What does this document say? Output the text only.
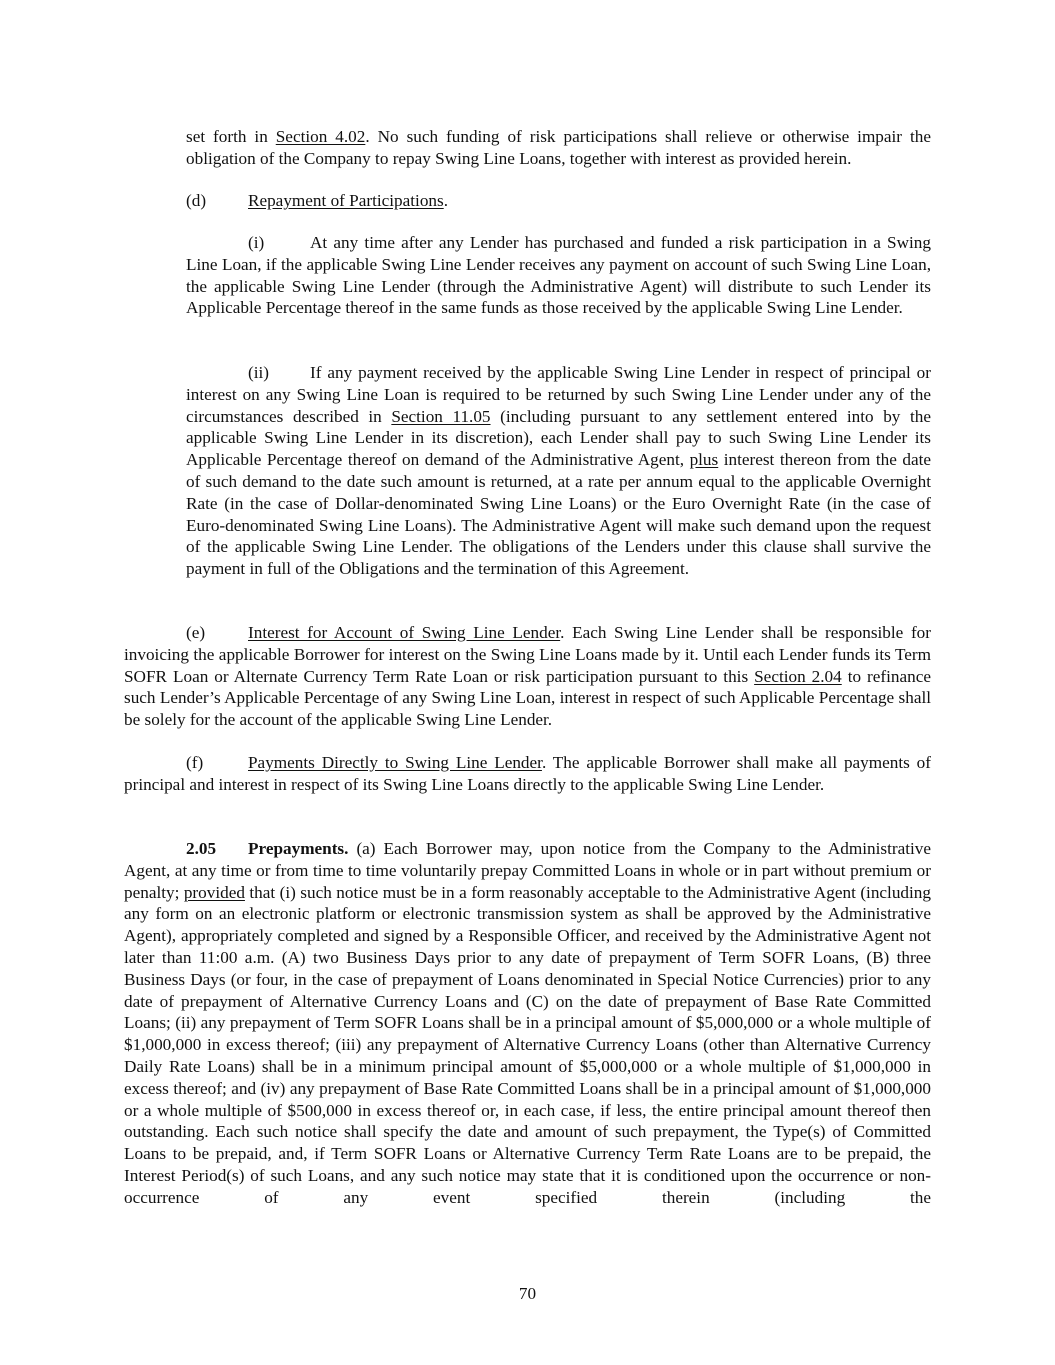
set forth in Section 4.02. No such funding of risk participations shall relieve or otherwise impair the obligation of the Company to repay Swing Line Loans, together with interest as provided herein.

(d) Repayment of Participations.

(i)	At any time after any Lender has purchased and funded a risk participation in a Swing Line Loan, if the applicable Swing Line Lender receives any payment on account of such Swing Line Loan, the applicable Swing Line Lender (through the Administrative Agent) will distribute to such Lender its Applicable Percentage thereof in the same funds as those received by the applicable Swing Line Lender.

(ii) If any payment received by the applicable Swing Line Lender in respect of principal or interest on any Swing Line Loan is required to be returned by such Swing Line Lender under any of the circumstances described in Section 11.05 (including pursuant to any settlement entered into by the applicable Swing Line Lender in its discretion), each Lender shall pay to such Swing Line Lender its Applicable Percentage thereof on demand of the Administrative Agent, plus interest thereon from the date of such demand to the date such amount is returned, at a rate per annum equal to the applicable Overnight Rate (in the case of Dollar-denominated Swing Line Loans) or the Euro Overnight Rate (in the case of Euro-denominated Swing Line Loans). The Administrative Agent will make such demand upon the request of the applicable Swing Line Lender. The obligations of the Lenders under this clause shall survive the payment in full of the Obligations and the termination of this Agreement.

(e) Interest for Account of Swing Line Lender. Each Swing Line Lender shall be responsible for invoicing the applicable Borrower for interest on the Swing Line Loans made by it. Until each Lender funds its Term SOFR Loan or Alternate Currency Term Rate Loan or risk participation pursuant to this Section 2.04 to refinance such Lender’s Applicable Percentage of any Swing Line Loan, interest in respect of such Applicable Percentage shall be solely for the account of the applicable Swing Line Lender.

(f)	Payments Directly to Swing Line Lender. The applicable Borrower shall make all payments of principal and interest in respect of its Swing Line Loans directly to the applicable Swing Line Lender.

2.05 Prepayments. (a) Each Borrower may, upon notice from the Company to the Administrative Agent, at any time or from time to time voluntarily prepay Committed Loans in whole or in part without premium or penalty; provided that (i) such notice must be in a form reasonably acceptable to the Administrative Agent (including any form on an electronic platform or electronic transmission system as shall be approved by the Administrative Agent), appropriately completed and signed by a Responsible Officer, and received by the Administrative Agent not later than 11:00 a.m. (A) two Business Days prior to any date of prepayment of Term SOFR Loans, (B) three Business Days (or four, in the case of prepayment of Loans denominated in Special Notice Currencies) prior to any date of prepayment of Alternative Currency Loans and (C) on the date of prepayment of Base Rate Committed Loans; (ii) any prepayment of Term SOFR Loans shall be in a principal amount of $5,000,000 or a whole multiple of $1,000,000 in excess thereof; (iii) any prepayment of Alternative Currency Loans (other than Alternative Currency Daily Rate Loans) shall be in a minimum principal amount of $5,000,000 or a whole multiple of $1,000,000 in excess thereof; and (iv) any prepayment of Base Rate Committed Loans shall be in a principal amount of $1,000,000 or a whole multiple of $500,000 in excess thereof or, in each case, if less, the entire principal amount thereof then outstanding. Each such notice shall specify the date and amount of such prepayment, the Type(s) of Committed Loans to be prepaid, and, if Term SOFR Loans or Alternative Currency Term Rate Loans are to be prepaid, the Interest Period(s) of such Loans, and any such notice may state that it is conditioned upon the occurrence or non-occurrence of any event specified therein (including the

70
